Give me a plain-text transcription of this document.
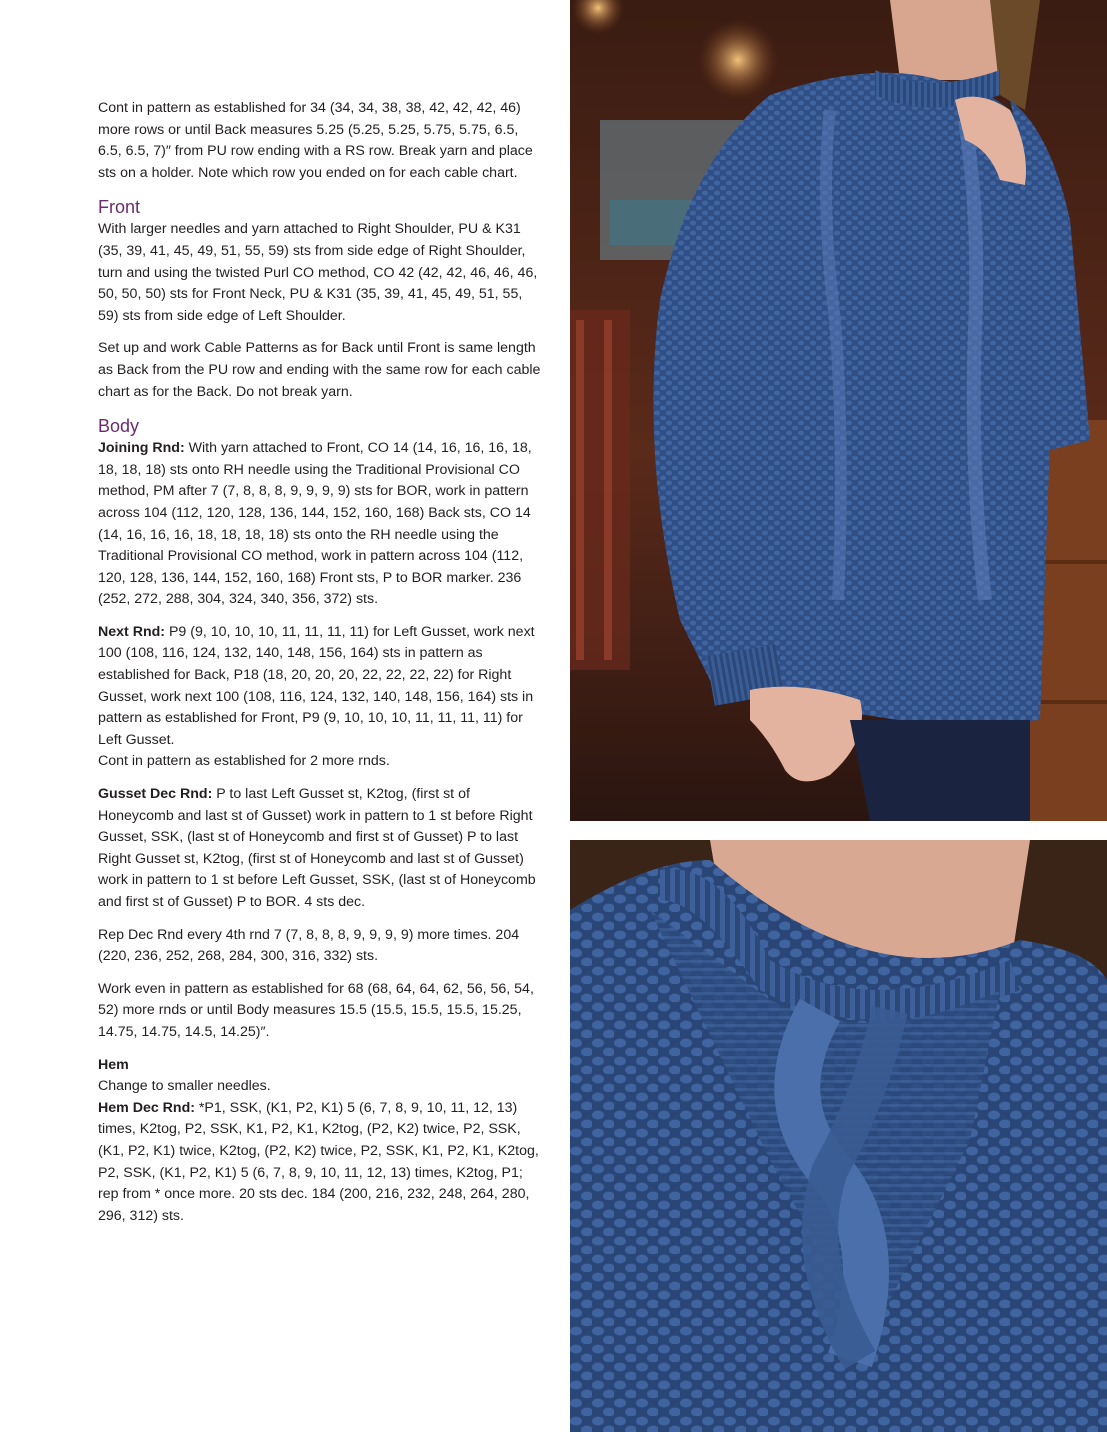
Cont in pattern as established for 34 (34, 34, 38, 38, 42, 42, 42, 46) more rows or until Back measures 5.25 (5.25, 5.25, 5.75, 5.75, 6.5, 6.5, 6.5, 7)″ from PU row ending with a RS row. Break yarn and place sts on a holder. Note which row you ended on for each cable chart.

Front

With larger needles and yarn attached to Right Shoulder, PU & K31 (35, 39, 41, 45, 49, 51, 55, 59) sts from side edge of Right Shoulder, turn and using the twisted Purl CO method, CO 42 (42, 42, 46, 46, 46, 50, 50, 50) sts for Front Neck, PU & K31 (35, 39, 41, 45, 49, 51, 55, 59) sts from side edge of Left Shoulder.

Set up and work Cable Patterns as for Back until Front is same length as Back from the PU row and ending with the same row for each cable chart as for the Back. Do not break yarn.

Body

Joining Rnd: With yarn attached to Front, CO 14 (14, 16, 16, 16, 18, 18, 18, 18) sts onto RH needle using the Traditional Provisional CO method, PM after 7 (7, 8, 8, 8, 9, 9, 9, 9) sts for BOR, work in pattern across 104 (112, 120, 128, 136, 144, 152, 160, 168) Back sts, CO 14 (14, 16, 16, 16, 18, 18, 18, 18) sts onto the RH needle using the Traditional Provisional CO method, work in pattern across 104 (112, 120, 128, 136, 144, 152, 160, 168) Front sts, P to BOR marker. 236 (252, 272, 288, 304, 324, 340, 356, 372) sts.

Next Rnd: P9 (9, 10, 10, 10, 11, 11, 11, 11) for Left Gusset, work next 100 (108, 116, 124, 132, 140, 148, 156, 164) sts in pattern as established for Back, P18 (18, 20, 20, 20, 22, 22, 22, 22) for Right Gusset, work next 100 (108, 116, 124, 132, 140, 148, 156, 164) sts in pattern as established for Front, P9 (9, 10, 10, 10, 11, 11, 11, 11) for Left Gusset.

Cont in pattern as established for 2 more rnds.

Gusset Dec Rnd: P to last Left Gusset st, K2tog, (first st of Honeycomb and last st of Gusset) work in pattern to 1 st before Right Gusset, SSK, (last st of Honeycomb and first st of Gusset) P to last Right Gusset st, K2tog, (first st of Honeycomb and last st of Gusset) work in pattern to 1 st before Left Gusset, SSK, (last st of Honeycomb and first st of Gusset) P to BOR. 4 sts dec.

Rep Dec Rnd every 4th rnd 7 (7, 8, 8, 8, 9, 9, 9, 9) more times. 204 (220, 236, 252, 268, 284, 300, 316, 332) sts.

Work even in pattern as established for 68 (68, 64, 64, 62, 56, 56, 54, 52) more rnds or until Body measures 15.5 (15.5, 15.5, 15.5, 15.25, 14.75, 14.75, 14.5, 14.25)″.

Hem

Change to smaller needles.

Hem Dec Rnd: *P1, SSK, (K1, P2, K1) 5 (6, 7, 8, 9, 10, 11, 12, 13) times, K2tog, P2, SSK, K1, P2, K1, K2tog, (P2, K2) twice, P2, SSK, (K1, P2, K1) twice, K2tog, (P2, K2) twice, P2, SSK, K1, P2, K1, K2tog, P2, SSK, (K1, P2, K1) 5 (6, 7, 8, 9, 10, 11, 12, 13) times, K2tog, P1; rep from * once more. 20 sts dec. 184 (200, 216, 232, 248, 264, 280, 296, 312) sts.
